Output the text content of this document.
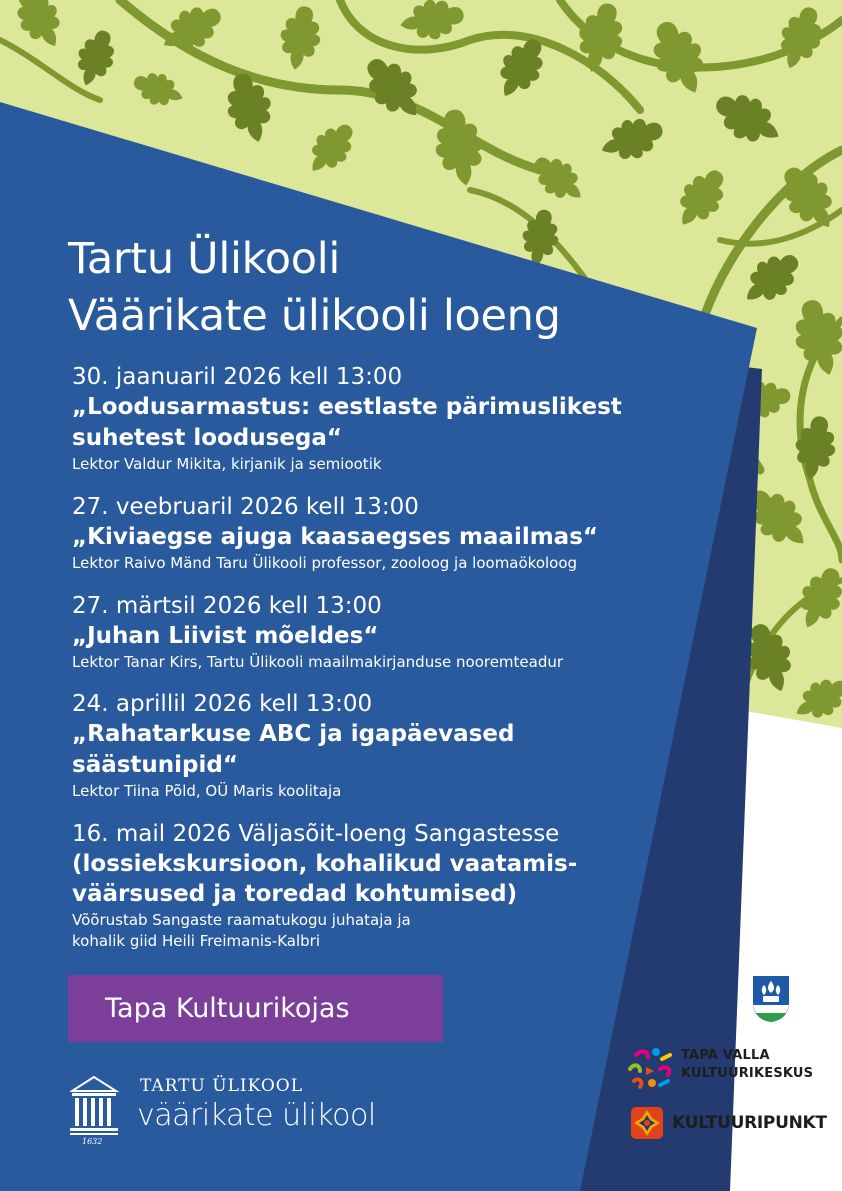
Tartu Ülikooli
Väärikate ülikooli loeng
30. jaanuaril 2026 kell 13:00
„Loodusarmastus: eestlaste pärimuslikest
suhetest loodusega“
Lektor Valdur Mikita, kirjanik ja semiootik
27. veebruaril 2026 kell 13:00
„Kiviaegse ajuga kaasaegses maailmas“
Lektor Raivo Mänd Taru Ülikooli professor, zooloog ja loomaökoloog
27. märtsil 2026 kell 13:00
„Juhan Liivist mõeldes“
Lektor Tanar Kirs, Tartu Ülikooli maailmakirjanduse nooremteadur
24. aprillil 2026 kell 13:00
„Rahatarkuse ABC ja igapäevased
säästunipid“
Lektor Tiina Põld, OÜ Maris koolitaja
16. mail 2026 Väljasõit-loeng Sangastesse
(lossiekskursioon, kohalikud vaatamis-
väärsused ja toredad kohtumised)
Võõrustab Sangaste raamatukogu juhataja ja
kohalik giid Heili Freimanis-Kalbri
Tapa Kultuurikojas
TARTU ÜLIKOOL
väärikate ülikool
1632
TAPA VALLA
KULTUURIKESKUS
KULTUURIPUNKT
